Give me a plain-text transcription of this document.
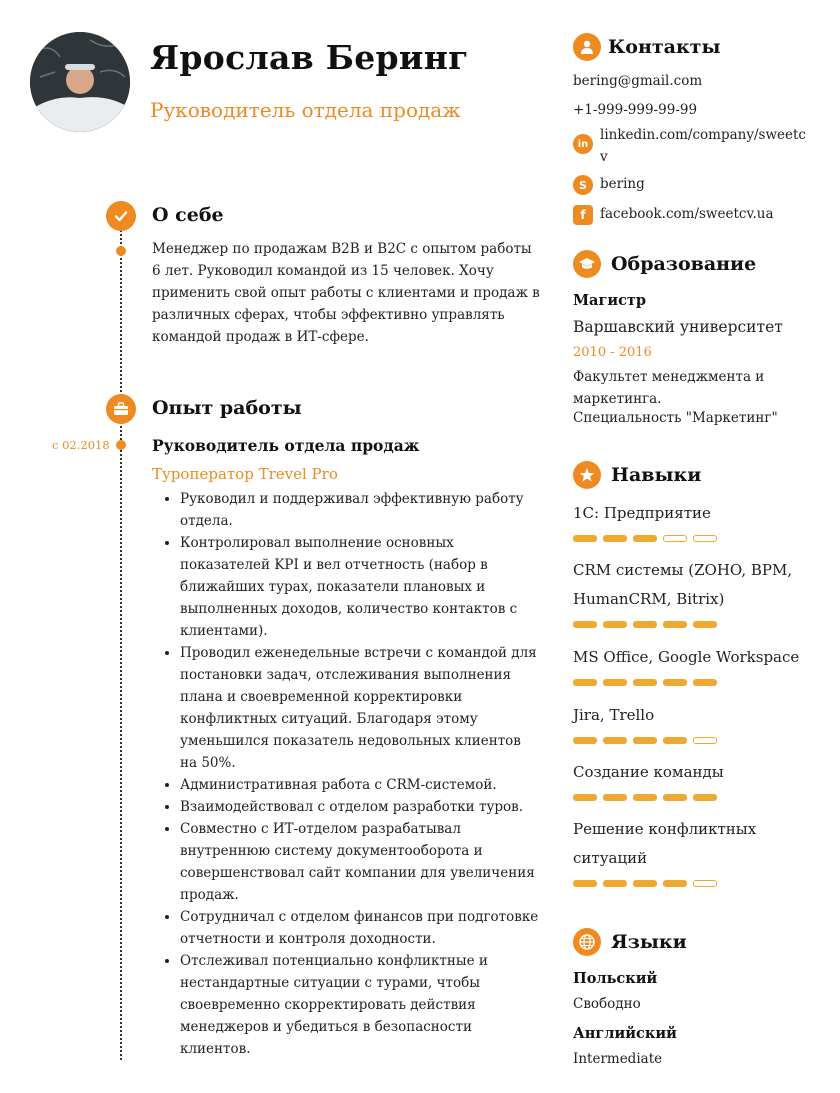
Ярослав Беринг
Руководитель отдела продаж
О себе
Менеджер по продажам B2B и B2C с опытом работы 6 лет. Руководил командой из 15 человек. Хочу применить свой опыт работы с клиентами и продаж в различных сферах, чтобы эффективно управлять командой продаж в ИТ-сфере.
Опыт работы
с 02.2018	Руководитель отдела продаж
Туроператор Trevel Pro
• Руководил и поддерживал эффективную работу отдела.
• Контролировал выполнение основных показателей KPI и вел отчетность (набор в ближайших турах, показатели плановых и выполненных доходов, количество контактов с клиентами).
• Проводил еженедельные встречи с командой для постановки задач, отслеживания выполнения плана и своевременной корректировки конфликтных ситуаций. Благодаря этому уменьшился показатель недовольных клиентов на 50%.
• Административная работа с CRM-системой.
• Взаимодействовал с отделом разработки туров.
• Совместно с ИТ-отделом разрабатывал внутреннюю систему документооборота и совершенствовал сайт компании для увеличения продаж.
• Сотрудничал с отделом финансов при подготовке отчетности и контроля доходности.
• Отслеживал потенциально конфликтные и нестандартные ситуации с турами, чтобы своевременно скорректировать действия менеджеров и убедиться в безопасности клиентов.
Контакты
bering@gmail.com
+1-999-999-99-99
in
linkedin.com/company/sweetc
v
S bering
f facebook.com/sweetcv.ua
Образование
Магистр
Варшавский университет
2010 - 2016
Факультет менеджмента и
маркетинга.
Специальность "Маркетинг"
Навыки
1С: Предприятие
CRM системы (ZOHO, BPM,
HumanCRM, Bitrix)
MS Office, Google Workspace
Jira, Trello
Создание команды
Решение конфликтных
ситуаций
Языки
Польский
Свободно
Английский
Intermediate
